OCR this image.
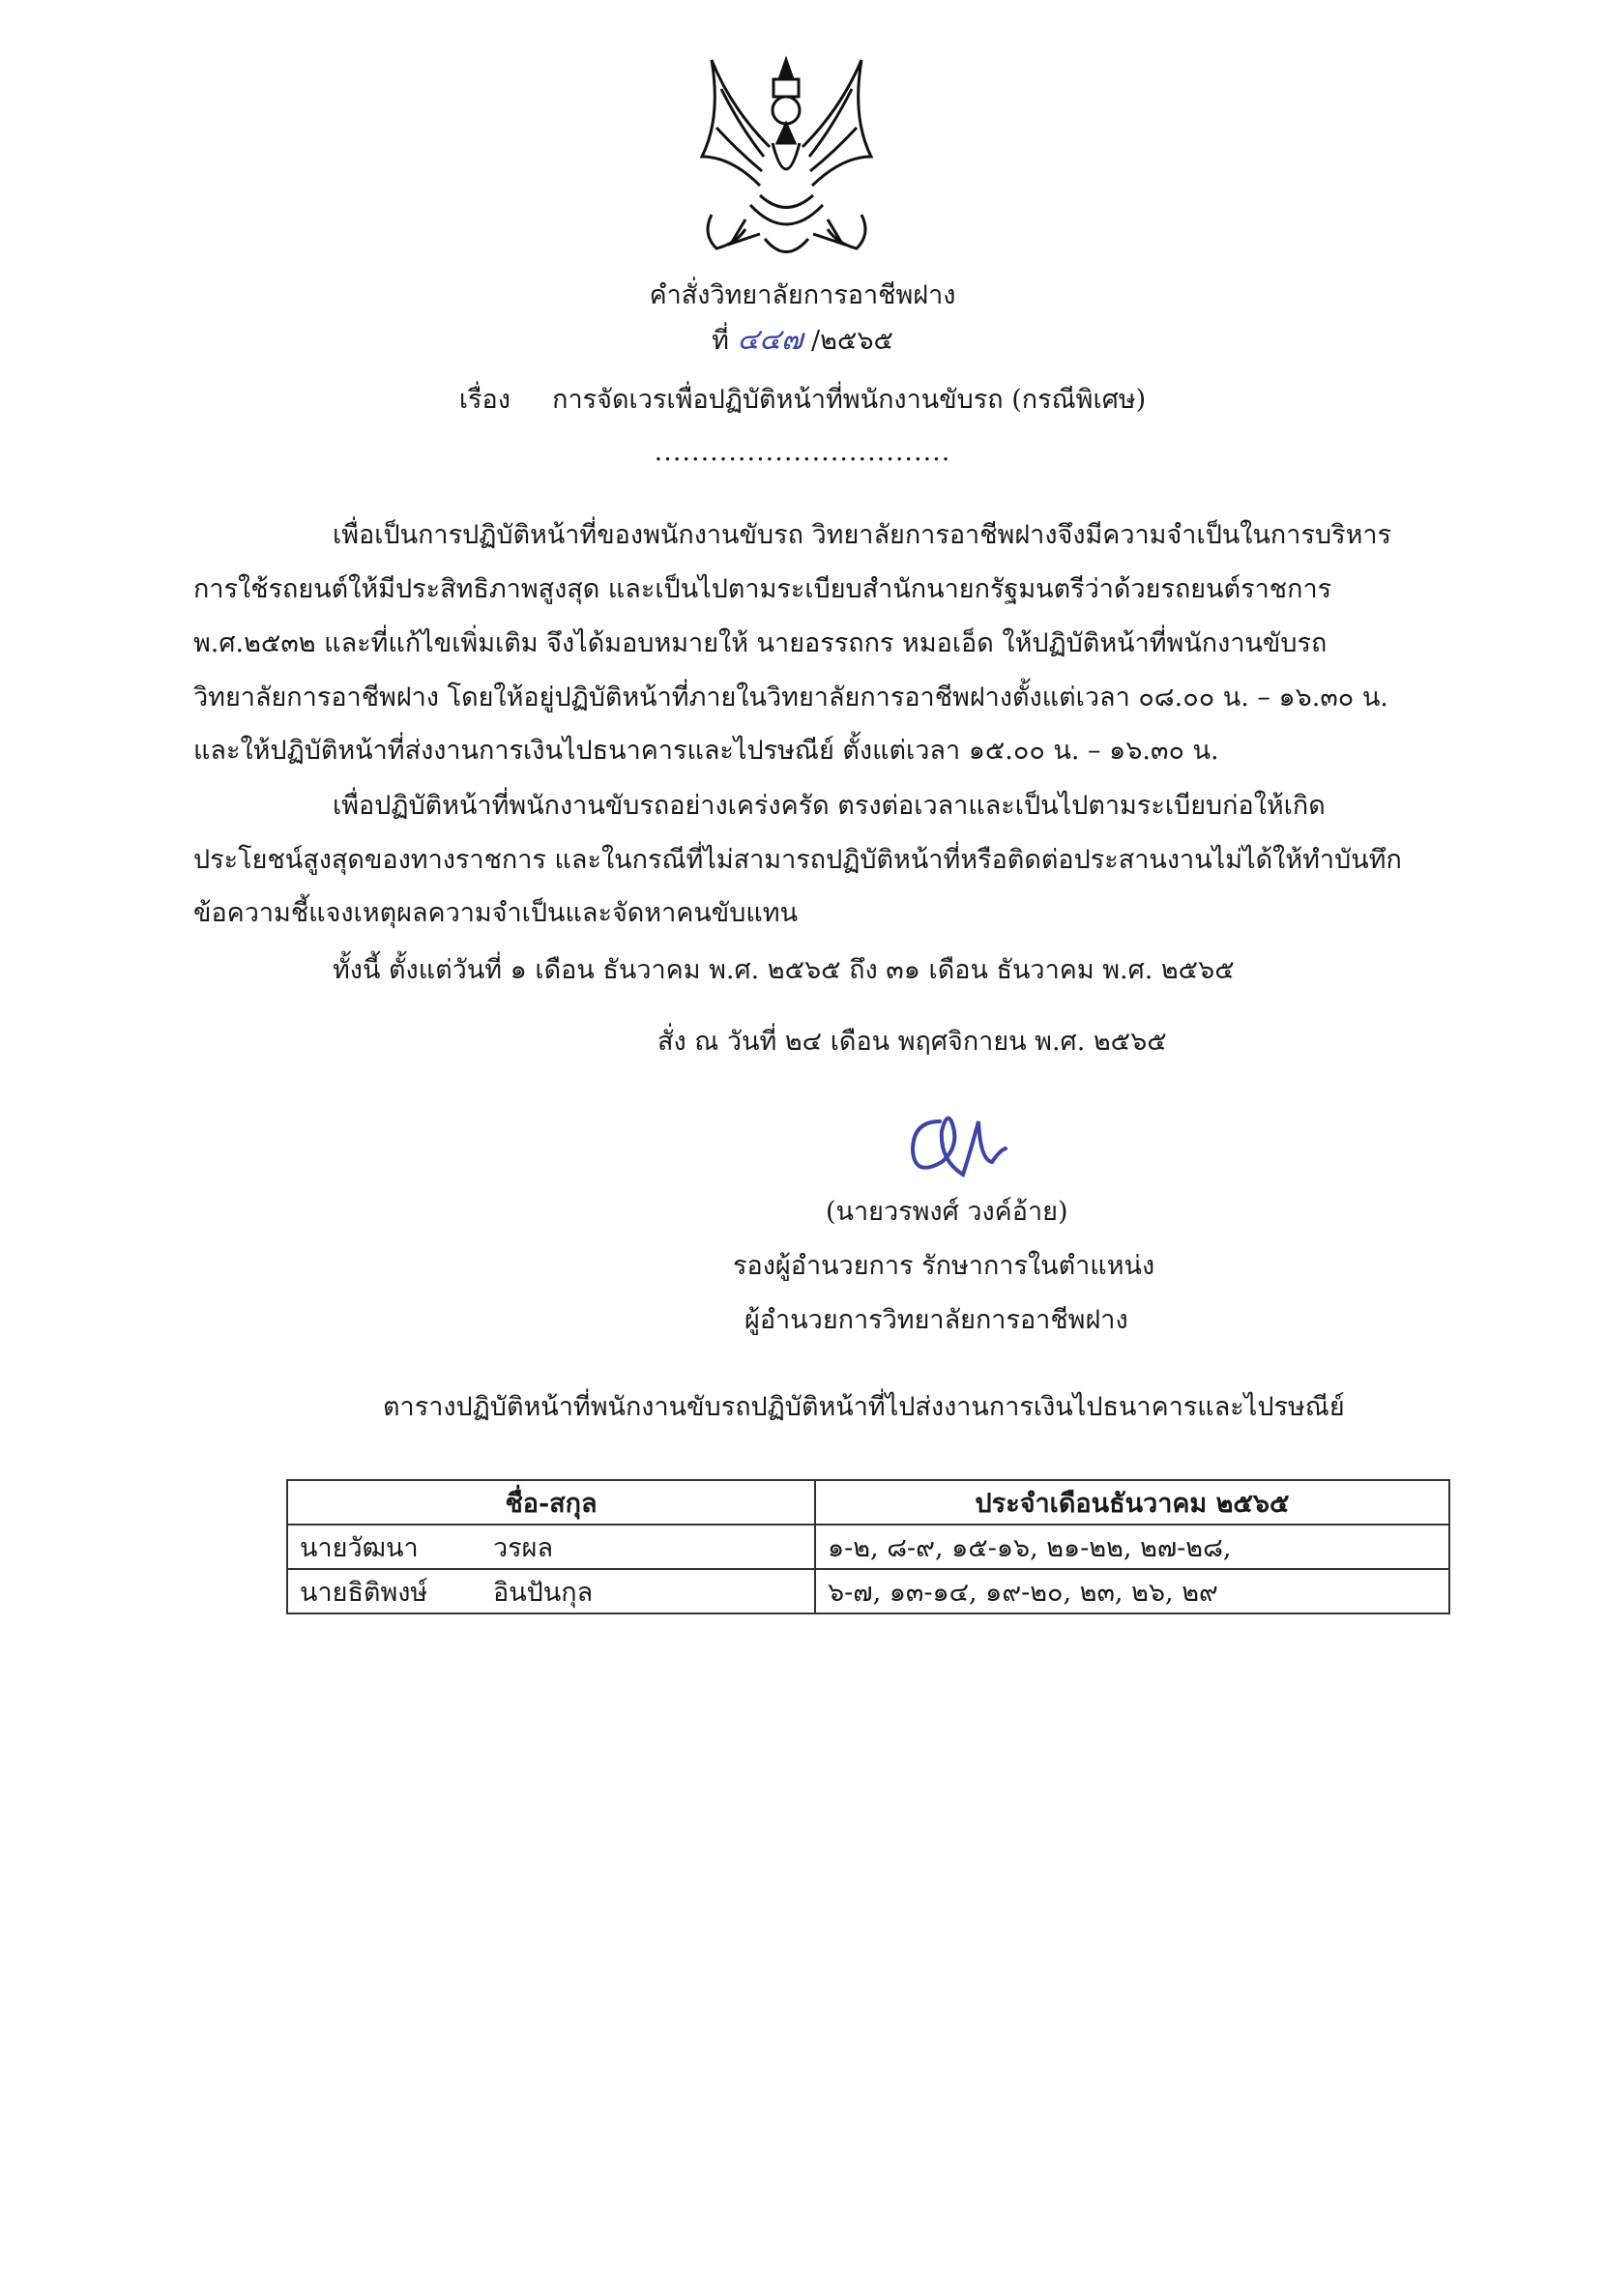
คำสั่งวิทยาลัยการอาชีพฝาง
ที่ ๔๔๗ /๒๕๖๕
เรื่อง การจัดเวรเพื่อปฏิบัติหน้าที่พนักงานขับรถ (กรณีพิเศษ)
................................
เพื่อเป็นการปฏิบัติหน้าที่ของพนักงานขับรถ วิทยาลัยการอาชีพฝางจึงมีความจำเป็นในการบริหาร
การใช้รถยนต์ให้มีประสิทธิภาพสูงสุด และเป็นไปตามระเบียบสำนักนายกรัฐมนตรีว่าด้วยรถยนต์ราชการ
พ.ศ.๒๕๓๒ และที่แก้ไขเพิ่มเติม จึงได้มอบหมายให้ นายอรรถกร หมอเอ็ด ให้ปฏิบัติหน้าที่พนักงานขับรถ
วิทยาลัยการอาชีพฝาง โดยให้อยู่ปฏิบัติหน้าที่ภายในวิทยาลัยการอาชีพฝางตั้งแต่เวลา ๐๘.๐๐ น. – ๑๖.๓๐ น.
และให้ปฏิบัติหน้าที่ส่งงานการเงินไปธนาคารและไปรษณีย์ ตั้งแต่เวลา ๑๕.๐๐ น. – ๑๖.๓๐ น.
เพื่อปฏิบัติหน้าที่พนักงานขับรถอย่างเคร่งครัด ตรงต่อเวลาและเป็นไปตามระเบียบก่อให้เกิด
ประโยชน์สูงสุดของทางราชการ และในกรณีที่ไม่สามารถปฏิบัติหน้าที่หรือติดต่อประสานงานไม่ได้ให้ทำบันทึก
ข้อความชี้แจงเหตุผลความจำเป็นและจัดหาคนขับแทน
ทั้งนี้ ตั้งแต่วันที่ ๑ เดือน ธันวาคม พ.ศ. ๒๕๖๕ ถึง ๓๑ เดือน ธันวาคม พ.ศ. ๒๕๖๕
สั่ง ณ วันที่ ๒๔ เดือน พฤศจิกายน พ.ศ. ๒๕๖๕
(นายวรพงศ์ วงค์อ้าย)
รองผู้อำนวยการ รักษาการในตำแหน่ง
ผู้อำนวยการวิทยาลัยการอาชีพฝาง
ตารางปฏิบัติหน้าที่พนักงานขับรถปฏิบัติหน้าที่ไปส่งงานการเงินไปธนาคารและไปรษณีย์
ชื่อ-สกุล	ประจำเดือนธันวาคม ๒๕๖๕
นายวัฒนา วรผล	๑-๒, ๘-๙, ๑๕-๑๖, ๒๑-๒๒, ๒๗-๒๘,
นายธิติพงษ์ อินปันกุล	๖-๗, ๑๓-๑๔, ๑๙-๒๐, ๒๓, ๒๖, ๒๙
